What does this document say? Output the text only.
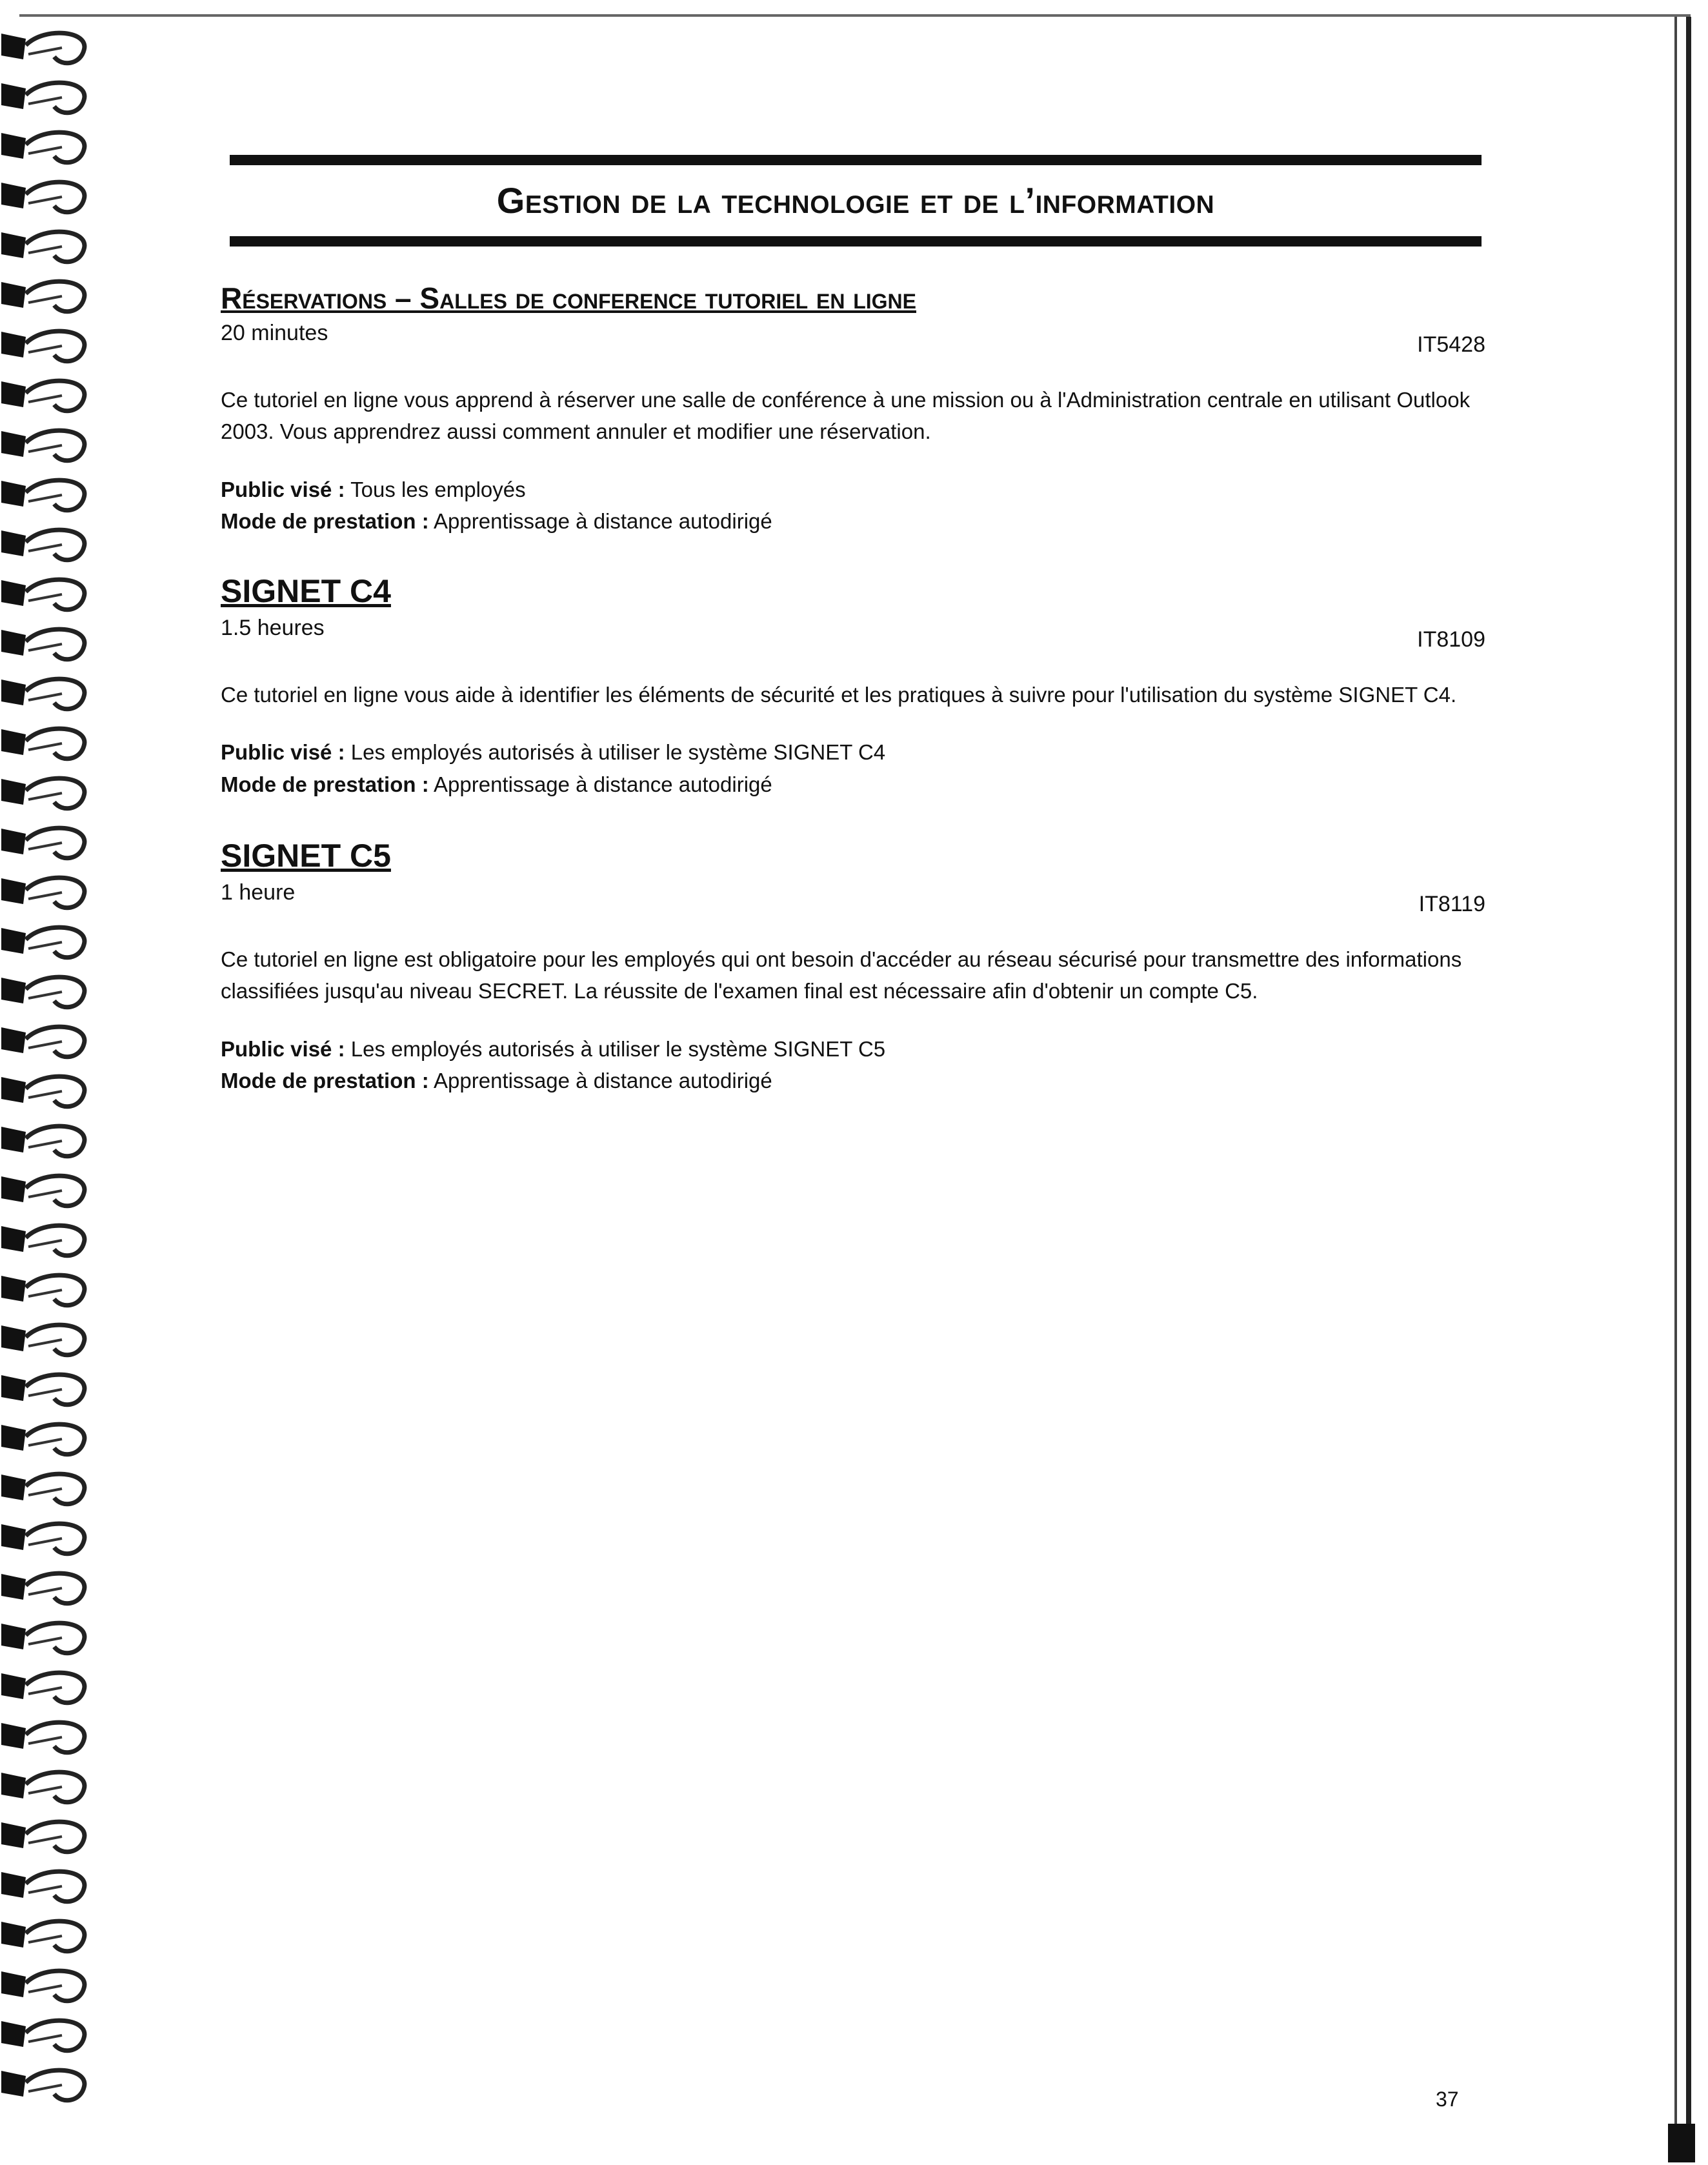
Gestion de la technologie et de l’information
Réservations – Salles de conference tutoriel en ligne
20 minutes	IT5428

Ce tutoriel en ligne vous apprend à réserver une salle de conférence à une mission ou à l'Administration centrale en utilisant Outlook 2003. Vous apprendrez aussi comment annuler et modifier une réservation.

Public visé : Tous les employés
Mode de prestation : Apprentissage à distance autodirigé
SIGNET C4
1.5 heures	IT8109

Ce tutoriel en ligne vous aide à identifier les éléments de sécurité et les pratiques à suivre pour l'utilisation du système SIGNET C4.

Public visé : Les employés autorisés à utiliser le système SIGNET C4
Mode de prestation : Apprentissage à distance autodirigé
SIGNET C5
1 heure	IT8119

Ce tutoriel en ligne est obligatoire pour les employés qui ont besoin d'accéder au réseau sécurisé pour transmettre des informations classifiées jusqu'au niveau SECRET. La réussite de l'examen final est nécessaire afin d'obtenir un compte C5.

Public visé : Les employés autorisés à utiliser le système SIGNET C5
Mode de prestation : Apprentissage à distance autodirigé
37
